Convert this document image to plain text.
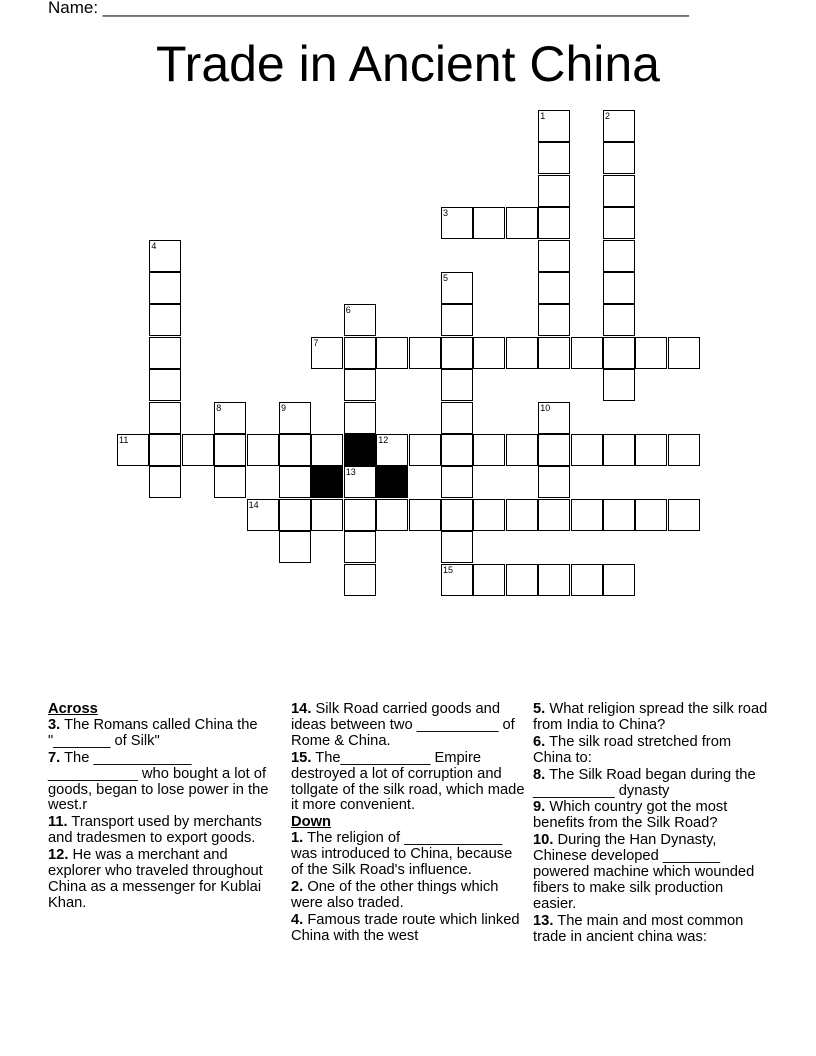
Name: ______________________________________________________________
Trade in Ancient China
1	2
3
4
5
6
7
8	9	10
11	12
13
14
15
Across
3. The Romans called China the "_______ of Silk"
7. The ____________ ___________ who bought a lot of goods, began to lose power in the west.r
11. Transport used by merchants and tradesmen to export goods.
12. He was a merchant and explorer who traveled throughout China as a messenger for Kublai Khan.
14. Silk Road carried goods and ideas between two __________ of Rome & China.
15. The___________ Empire destroyed a lot of corruption and tollgate of the silk road, which made it more convenient.
Down
1. The religion of ____________ was introduced to China, because of the Silk Road's influence.
2. One of the other things which were also traded.
4. Famous trade route which linked China with the west
5. What religion spread the silk road from India to China?
6. The silk road stretched from China to:
8. The Silk Road began during the __________ dynasty
9. Which country got the most benefits from the Silk Road?
10. During the Han Dynasty, Chinese developed _______ powered machine which wounded fibers to make silk production easier.
13. The main and most common trade in ancient china was:
